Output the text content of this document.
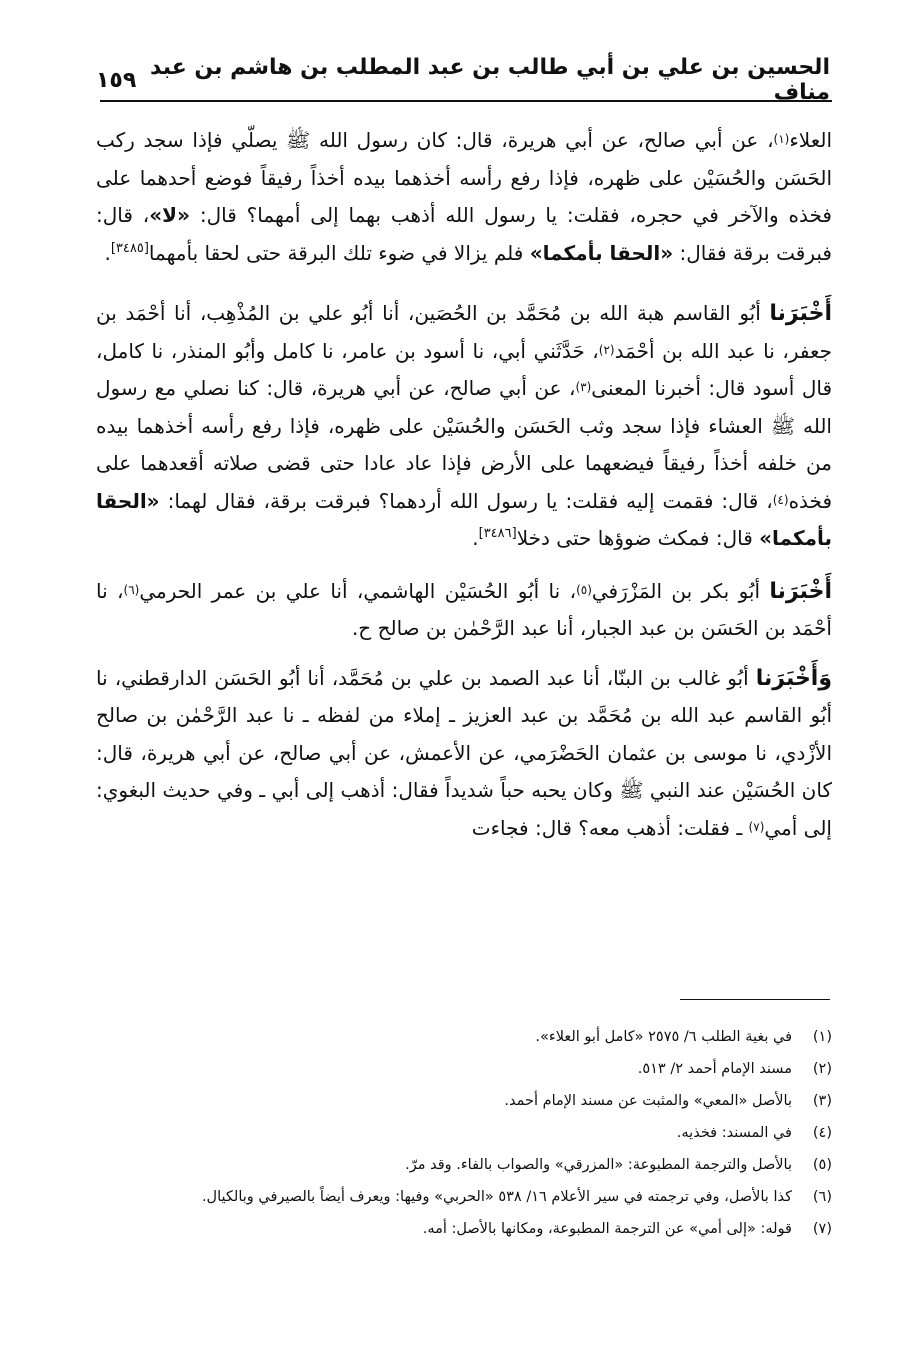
الحسين بن علي بن أبي طالب بن عبد المطلب بن هاشم بن عبد مناف
١٥٩

العلاء$^{(١)}$، عن أبي صالح، عن أبي هريرة، قال: كان رسول الله ﷺ يصلّي فإذا سجد ركب الحَسَن والحُسَيْن على ظهره، فإذا رفع رأسه أخذهما بيده أخذاً رفيقاً فوضع أحدهما على فخذه والآخر في حجره، فقلت: يا رسول الله أذهب بهما إلى أمهما؟ قال: «لا»، قال: فبرقت برقة فقال: «الحقا بأمكما» فلم يزالا في ضوء تلك البرقة حتى لحقا بأمهما[٣٤٨٥].

أَخْبَرَنا أبُو القاسم هبة الله بن مُحَمَّد بن الحُصَين، أنا أبُو علي بن المُذْهِب، أنا أحْمَد بن جعفر، نا عبد الله بن أحْمَد$^{(٢)}$، حَدَّثَني أبي، نا أسود بن عامر، نا كامل وأبُو المنذر، نا كامل، قال أسود قال: أخبرنا المعنى$^{(٣)}$، عن أبي صالح، عن أبي هريرة، قال: كنا نصلي مع رسول الله ﷺ العشاء فإذا سجد وثب الحَسَن والحُسَيْن على ظهره، فإذا رفع رأسه أخذهما بيده من خلفه أخذاً رفيقاً فيضعهما على الأرض فإذا عاد عادا حتى قضى صلاته أقعدهما على فخذه$^{(٤)}$، قال: فقمت إليه فقلت: يا رسول الله أردهما؟ فبرقت برقة، فقال لهما: «الحقا بأمكما» قال: فمكث ضوؤها حتى دخلا[٣٤٨٦].

أَخْبَرَنا أبُو بكر بن المَزْرَفي$^{(٥)}$، نا أبُو الحُسَيْن الهاشمي، أنا علي بن عمر الحرمي$^{(٦)}$، نا أحْمَد بن الحَسَن بن عبد الجبار، أنا عبد الرَّحْمٰن بن صالح ح.

وَأَخْبَرَنا أبُو غالب بن البنّا، أنا عبد الصمد بن علي بن مُحَمَّد، أنا أبُو الحَسَن الدارقطني، نا أبُو القاسم عبد الله بن مُحَمَّد بن عبد العزيز ـ إملاء من لفظه ـ نا عبد الرَّحْمٰن بن صالح الأزْدي، نا موسى بن عثمان الحَضْرَمي، عن الأعمش، عن أبي صالح، عن أبي هريرة، قال: كان الحُسَيْن عند النبي ﷺ وكان يحبه حباً شديداً فقال: أذهب إلى أبي ـ وفي حديث البغوي: إلى أمي$^{(٧)}$ ـ فقلت: أذهب معه؟ قال: فجاءت

(١)
في بغية الطلب ٦/ ٢٥٧٥ «كامل أبو العلاء».
(٢)
مسند الإمام أحمد ٢/ ٥١٣.
(٣)
بالأصل «المعي» والمثبت عن مسند الإمام أحمد.
(٤)
في المسند: فخذيه.
(٥)
بالأصل والترجمة المطبوعة: «المزرقي» والصواب بالفاء. وقد مرّ.
(٦)
كذا بالأصل، وفي ترجمته في سير الأعلام ١٦/ ٥٣٨ «الحربي» وفيها: ويعرف أيضاً بالصيرفي وبالكيال.
(٧)
قوله: «إلى أمي» عن الترجمة المطبوعة، ومكانها بالأصل: أمه.
